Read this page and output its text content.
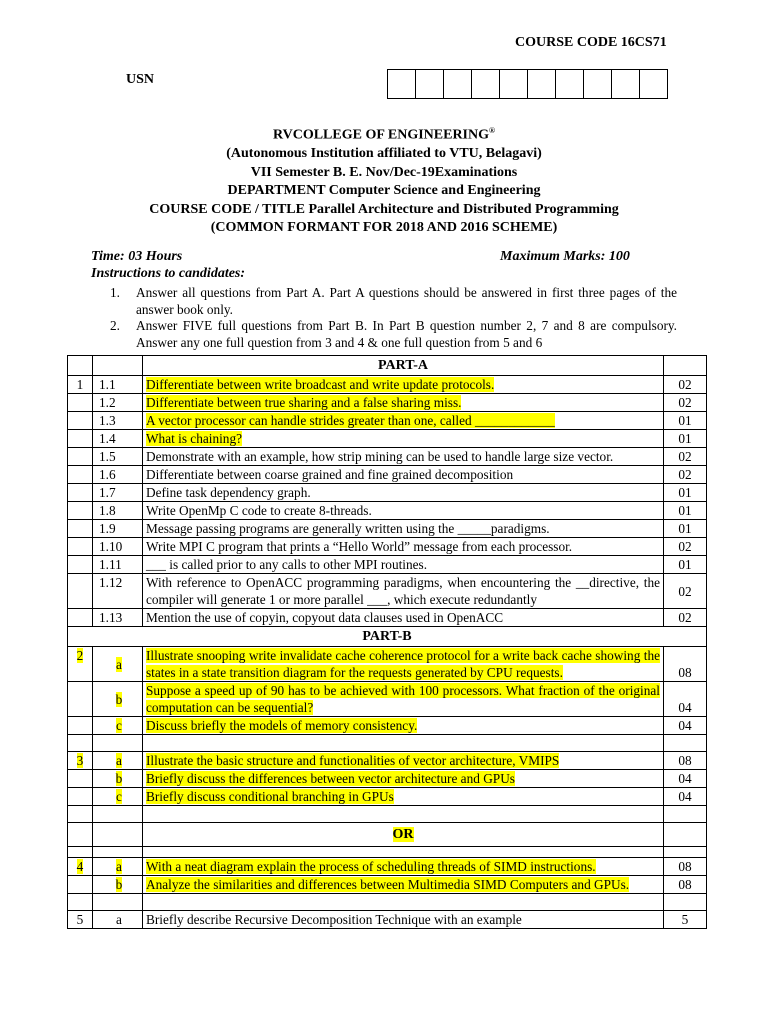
COURSE CODE 16CS71
USN
RVCOLLEGE OF ENGINEERING®
(Autonomous Institution affiliated to VTU, Belagavi)
VII Semester B. E. Nov/Dec-19Examinations
DEPARTMENT Computer Science and Engineering
COURSE CODE / TITLE Parallel Architecture and Distributed Programming
(COMMON FORMANT FOR 2018 AND 2016 SCHEME)
Time: 03 Hours	Maximum Marks: 100
Instructions to candidates:
1.	Answer all questions from Part A. Part A questions should be answered in first three pages of the answer book only.
2.	Answer FIVE full questions from Part B. In Part B question number 2, 7 and 8 are compulsory. Answer any one full question from 3 and 4 & one full question from 5 and 6
		PART-A	
1	1.1	Differentiate between write broadcast and write update protocols.	02
	1.2	Differentiate between true sharing and a false sharing miss.	02
	1.3	A vector processor can handle strides greater than one, called ____________	01
	1.4	What is chaining?	01
	1.5	Demonstrate with an example, how strip mining can be used to handle large size vector.	02
	1.6	Differentiate between coarse grained and fine grained decomposition	02
	1.7	Define task dependency graph.	01
	1.8	Write OpenMp C code to create 8-threads.	01
	1.9	Message passing programs are generally written using the _____paradigms.	01
	1.10	Write MPI C program that prints a “Hello World” message from each processor.	02
	1.11	___ is called prior to any calls to other MPI routines.	01
	1.12	With reference to OpenACC programming paradigms, when encountering the __directive, the compiler will generate 1 or more parallel ___, which execute redundantly	02
	1.13	Mention the use of copyin, copyout data clauses used in OpenACC	02
PART-B			
2	a	Illustrate snooping write invalidate cache coherence protocol for a write back cache showing the states in a state transition diagram for the requests generated by CPU requests.	08
	b	Suppose a speed up of 90 has to be achieved with 100 processors. What fraction of the original computation can be sequential?	04
	c	Discuss briefly the models of memory consistency.	04

3	a	Illustrate the basic structure and functionalities of vector architecture, VMIPS	08
	b	Briefly discuss the differences between vector architecture and GPUs	04
	c	Briefly discuss conditional branching in GPUs	04

		OR	

4	a	With a neat diagram explain the process of scheduling threads of SIMD instructions.	08
	b	Analyze the similarities and differences between Multimedia SIMD Computers and GPUs.	08

5	a	Briefly describe Recursive Decomposition Technique with an example	5
